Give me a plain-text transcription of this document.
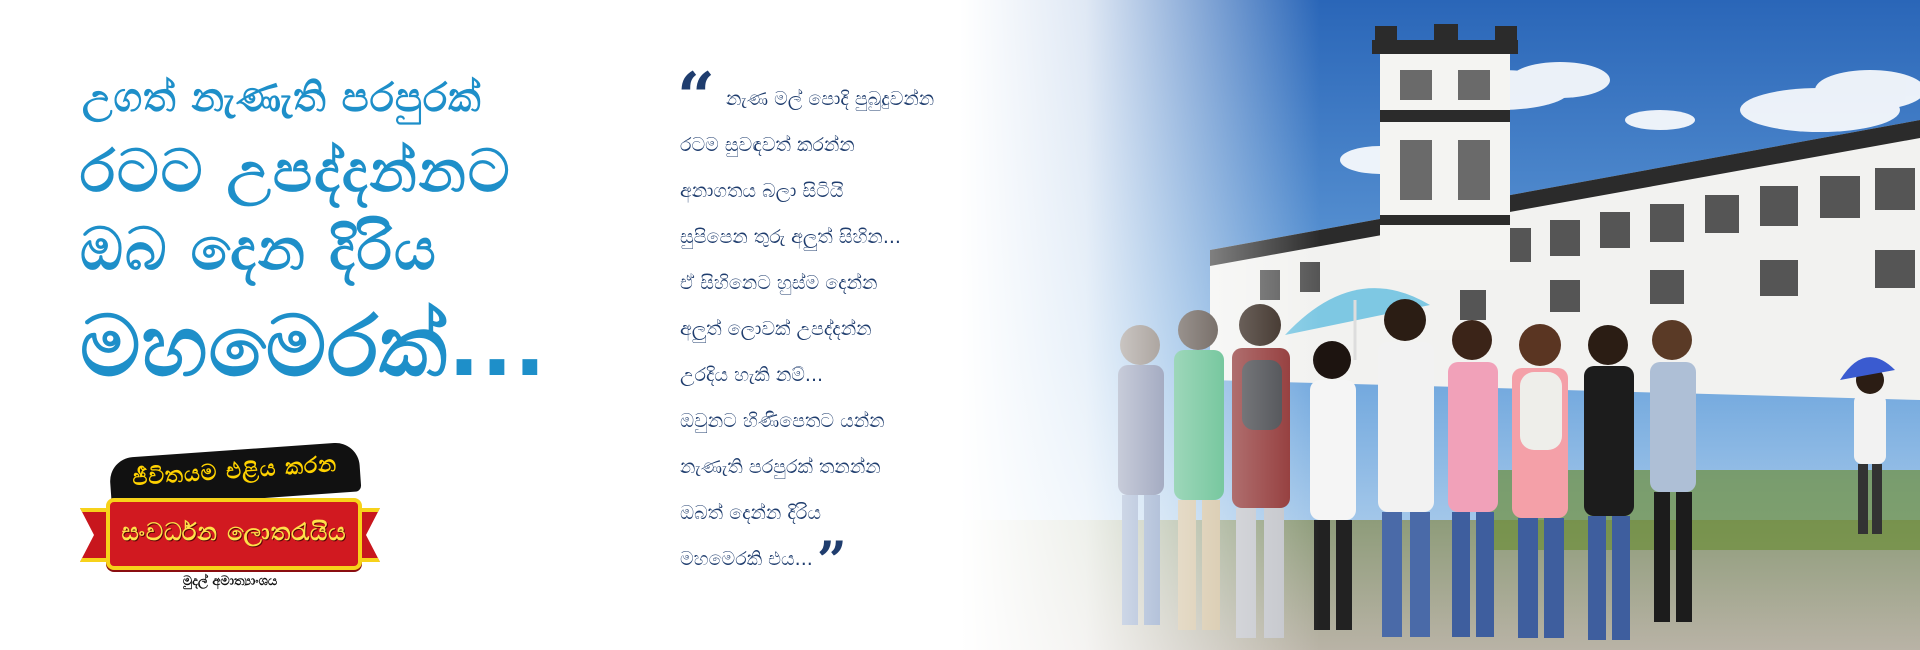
උගත් නැණැති පරපුරක්
රටට උපද්දන්නට
ඔබ දෙන දිරිය
මහමෙරක්...
“ නැණ මල් පොදි පුබුදුවන්න
රටම සුවඳවත් කරන්න
අනාගතය බලා සිටියි
සුපිපෙන තුරු අලුත් සිහින...
ඒ සිහිනෙට හුස්ම දෙන්න
අලුත් ලොවක් උපද්දන්න
උරදිය හැකි නම්...
ඔවුනට හිණිපෙතට යන්න
නැණැති පරපුරක් තනන්න
ඔබත් දෙන්න දිරිය
මහමෙරකි එය...”
ජීවිතයම එළිය කරන
සංවර්ධන ලොතරැයිය
මුදල් අමාත්‍යාංශය
